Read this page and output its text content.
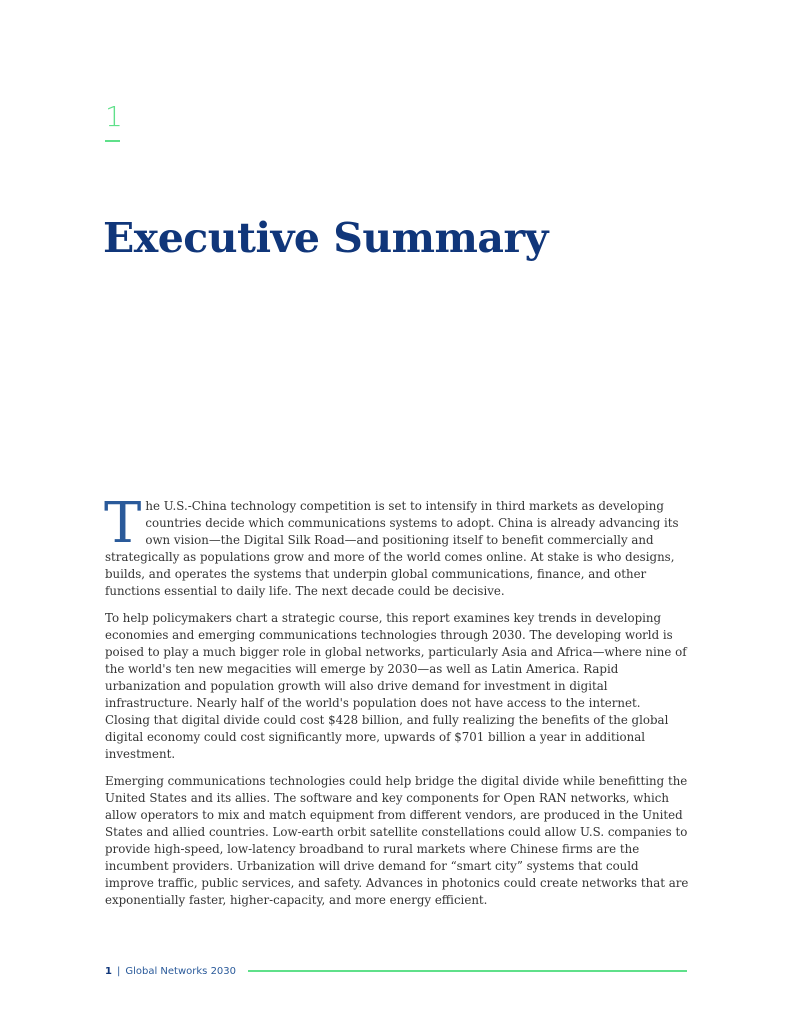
1
Executive Summary

The U.S.-China technology competition is set to intensify in third markets as developing countries decide which communications systems to adopt. China is already advancing its own vision—the Digital Silk Road—and positioning itself to benefit commercially and strategically as populations grow and more of the world comes online. At stake is who designs, builds, and operates the systems that underpin global communications, finance, and other functions essential to daily life. The next decade could be decisive.

To help policymakers chart a strategic course, this report examines key trends in developing economies and emerging communications technologies through 2030. The developing world is poised to play a much bigger role in global networks, particularly Asia and Africa—where nine of the world's ten new megacities will emerge by 2030—as well as Latin America. Rapid urbanization and population growth will also drive demand for investment in digital infrastructure. Nearly half of the world's population does not have access to the internet. Closing that digital divide could cost $428 billion, and fully realizing the benefits of the global digital economy could cost significantly more, upwards of $701 billion a year in additional investment.

Emerging communications technologies could help bridge the digital divide while benefitting the United States and its allies. The software and key components for Open RAN networks, which allow operators to mix and match equipment from different vendors, are produced in the United States and allied countries. Low-earth orbit satellite constellations could allow U.S. companies to provide high-speed, low-latency broadband to rural markets where Chinese firms are the incumbent providers. Urbanization will drive demand for “smart city” systems that could improve traffic, public services, and safety. Advances in photonics could create networks that are exponentially faster, higher-capacity, and more energy efficient.

1 | Global Networks 2030
